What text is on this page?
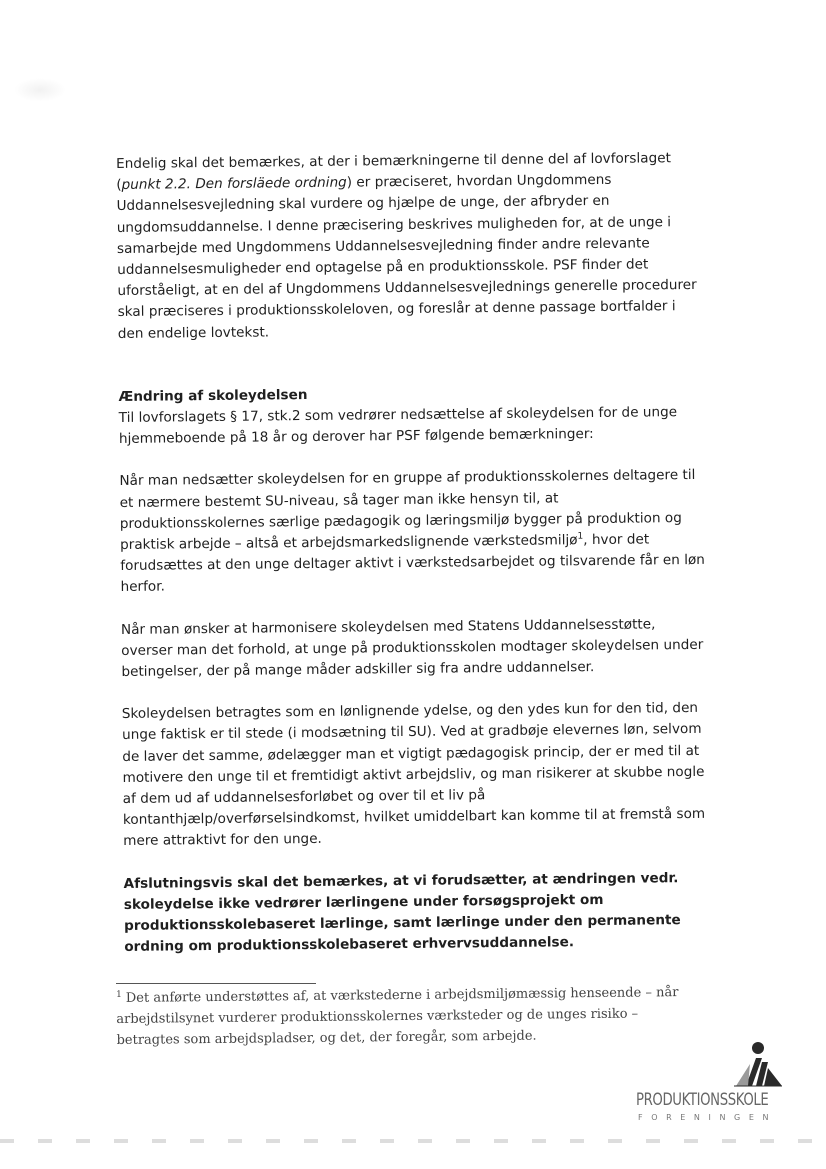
Endelig skal det bemærkes, at der i bemærkningerne til denne del af lovforslaget (punkt 2.2. Den forsläede ordning) er præciseret, hvordan Ungdommens Uddannelsesvejledning skal vurdere og hjælpe de unge, der afbryder en ungdomsuddannelse. I denne præcisering beskrives muligheden for, at de unge i samarbejde med Ungdommens Uddannelsesvejledning finder andre relevante uddannelsesmuligheder end optagelse på en produktionsskole. PSF finder det uforståeligt, at en del af Ungdommens Uddannelsesvejlednings generelle procedurer skal præciseres i produktionsskoleloven, og foreslår at denne passage bortfalder i den endelige lovtekst.

Ændring af skoleydelsen
Til lovforslagets § 17, stk.2 som vedrører nedsættelse af skoleydelsen for de unge hjemmeboende på 18 år og derover har PSF følgende bemærkninger:

Når man nedsætter skoleydelsen for en gruppe af produktionsskolernes deltagere til et nærmere bestemt SU-niveau, så tager man ikke hensyn til, at produktionsskolernes særlige pædagogik og læringsmiljø bygger på produktion og praktisk arbejde – altså et arbejdsmarkedslignende værkstedsmiljø$^1$, hvor det forudsættes at den unge deltager aktivt i værkstedsarbejdet og tilsvarende får en løn herfor.

Når man ønsker at harmonisere skoleydelsen med Statens Uddannelsesstøtte, overser man det forhold, at unge på produktionsskolen modtager skoleydelsen under betingelser, der på mange måder adskiller sig fra andre uddannelser.

Skoleydelsen betragtes som en lønlignende ydelse, og den ydes kun for den tid, den unge faktisk er til stede (i modsætning til SU). Ved at gradbøje elevernes løn, selvom de laver det samme, ødelægger man et vigtigt pædagogisk princip, der er med til at motivere den unge til et fremtidigt aktivt arbejdsliv, og man risikerer at skubbe nogle af dem ud af uddannelsesforløbet og over til et liv på kontanthjælp/overførselsindkomst, hvilket umiddelbart kan komme til at fremstå som mere attraktivt for den unge.

Afslutningsvis skal det bemærkes, at vi forudsætter, at ændringen vedr. skoleydelse ikke vedrører lærlingene under forsøgsprojekt om produktionsskolebaseret lærlinge, samt lærlinge under den permanente ordning om produktionsskolebaseret erhvervsuddannelse.

$^1$ Det anførte understøttes af, at værkstederne i arbejdsmiljømæssig henseende – når arbejdstilsynet vurderer produktionsskolernes værksteder og de unges risiko – betragtes som arbejdspladser, og det, der foregår, som arbejde.
PRODUKTIONSSKOLE
FORENINGEN
